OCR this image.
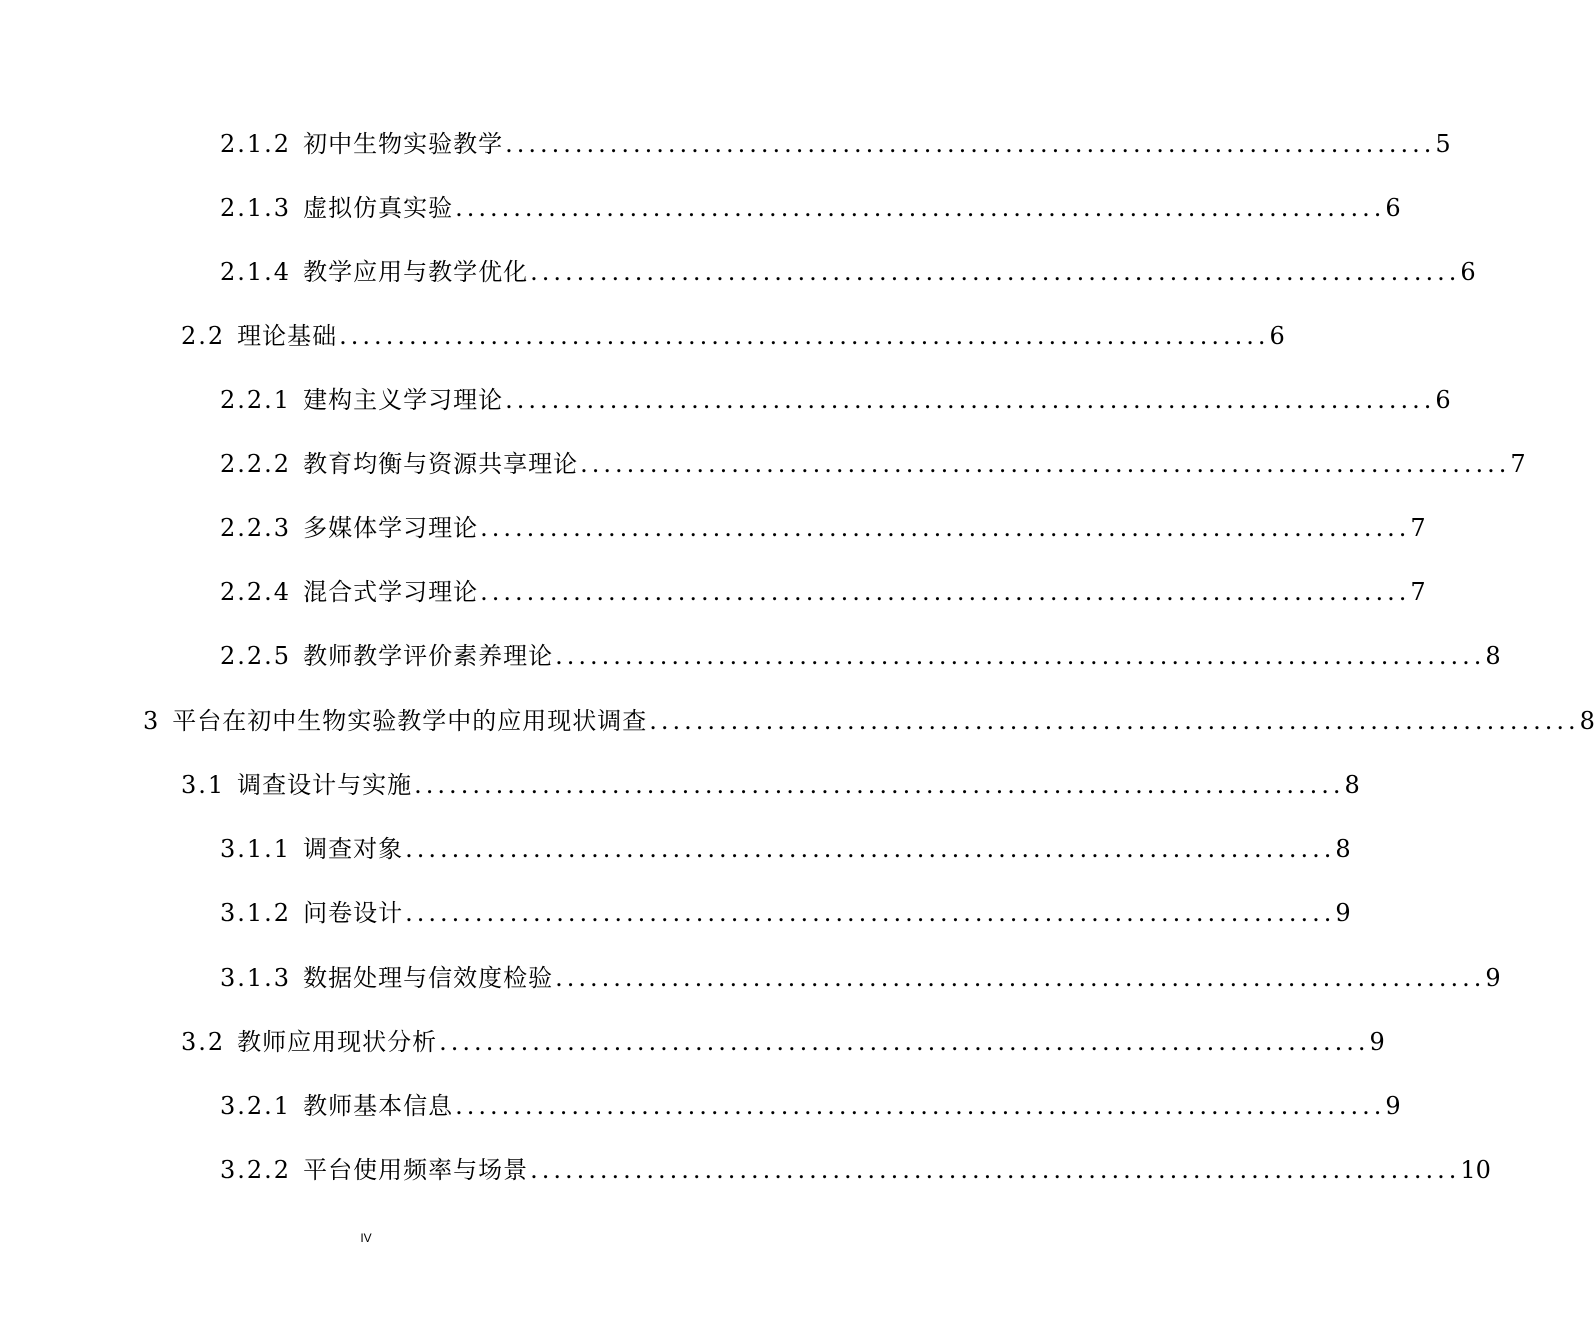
2.1.2 初中生物实验教学 ................................................................................ 5
2.1.3 虚拟仿真实验 ................................................................................ 6
2.1.4 教学应用与教学优化 ................................................................................ 6
2.2 理论基础 ................................................................................ 6
2.2.1 建构主义学习理论 ................................................................................ 6
2.2.2 教育均衡与资源共享理论 ................................................................................ 7
2.2.3 多媒体学习理论 ................................................................................ 7
2.2.4 混合式学习理论 ................................................................................ 7
2.2.5 教师教学评价素养理论 ................................................................................ 8
3 平台在初中生物实验教学中的应用现状调查 ................................................................................ 8
3.1 调查设计与实施 ................................................................................ 8
3.1.1 调查对象 ................................................................................ 8
3.1.2 问卷设计 ................................................................................ 9
3.1.3 数据处理与信效度检验 ................................................................................ 9
3.2 教师应用现状分析 ................................................................................ 9
3.2.1 教师基本信息 ................................................................................ 9
3.2.2 平台使用频率与场景 ................................................................................ 10
IV
